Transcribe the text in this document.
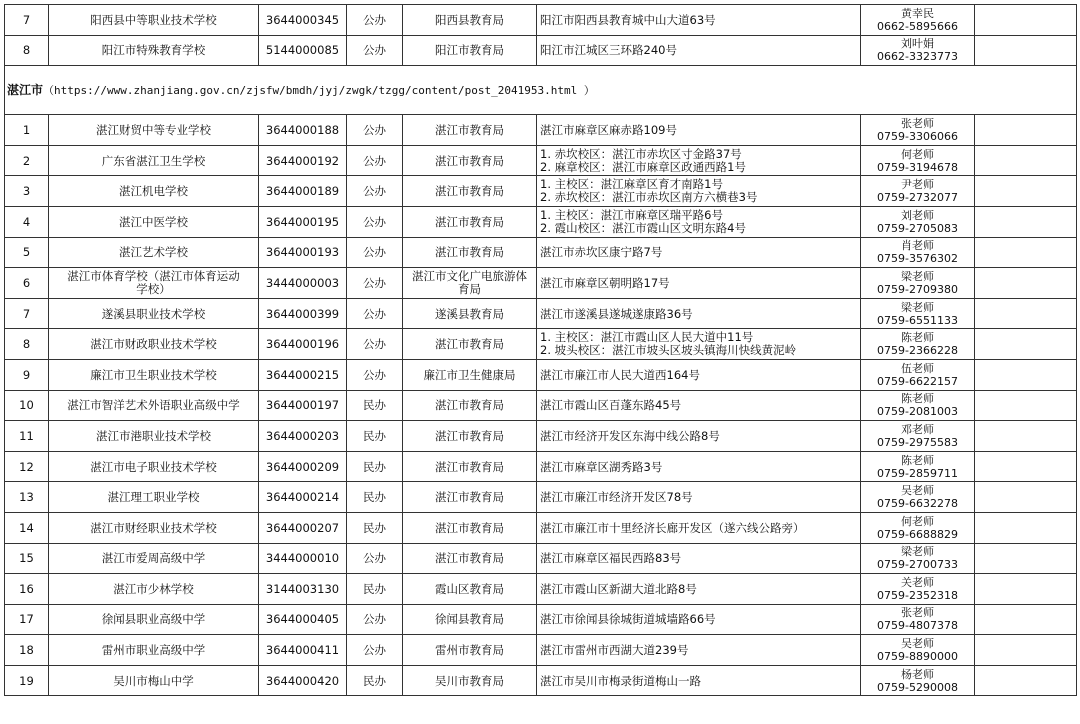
7	阳西县中等职业技术学校	3644000345	公办	阳西县教育局	阳江市阳西县教育城中山大道63号	黄幸民
0662-5895666	

8	阳江市特殊教育学校	5144000085	公办	阳江市教育局	阳江市江城区三环路240号	刘叶娟
0662-3323773	

湛江市（https://www.zhanjiang.gov.cn/zjsfw/bmdh/jyj/zwgk/tzgg/content/post_2041953.html ）							
1	湛江财贸中等专业学校	3644000188	公办	湛江市教育局	湛江市麻章区麻赤路109号	张老师
0759-3306066	

2	广东省湛江卫生学校	3644000192	公办	湛江市教育局	1. 赤坎校区：湛江市赤坎区寸金路37号
2. 麻章校区：湛江市麻章区政通西路1号	何老师
0759-3194678	

3	湛江机电学校	3644000189	公办	湛江市教育局	1. 主校区：湛江麻章区育才南路1号
2. 赤坎校区：湛江市赤坎区南方六横巷3号	尹老师
0759-2732077	

4	湛江中医学校	3644000195	公办	湛江市教育局	1. 主校区：湛江市麻章区瑞平路6号
2. 霞山校区：湛江市霞山区文明东路4号	刘老师
0759-2705083	

5	湛江艺术学校	3644000193	公办	湛江市教育局	湛江市赤坎区康宁路7号	肖老师
0759-3576302	

6	湛江市体育学校（湛江市体育运动
学校）	3444000003	公办	湛江市文化广电旅游体
育局	湛江市麻章区朝明路17号	梁老师
0759-2709380	

7	遂溪县职业技术学校	3644000399	公办	遂溪县教育局	湛江市遂溪县遂城遂康路36号	梁老师
0759-6551133	

8	湛江市财政职业技术学校	3644000196	公办	湛江市教育局	1. 主校区：湛江市霞山区人民大道中11号
2. 坡头校区：湛江市坡头区坡头镇海川快线黄泥岭	陈老师
0759-2366228	

9	廉江市卫生职业技术学校	3644000215	公办	廉江市卫生健康局	湛江市廉江市人民大道西164号	伍老师
0759-6622157	

10	湛江市智洋艺术外语职业高级中学	3644000197	民办	湛江市教育局	湛江市霞山区百蓬东路45号	陈老师
0759-2081003	

11	湛江市港职业技术学校	3644000203	民办	湛江市教育局	湛江市经济开发区东海中线公路8号	邓老师
0759-2975583	

12	湛江市电子职业技术学校	3644000209	民办	湛江市教育局	湛江市麻章区湖秀路3号	陈老师
0759-2859711	

13	湛江理工职业学校	3644000214	民办	湛江市教育局	湛江市廉江市经济开发区78号	吴老师
0759-6632278	

14	湛江市财经职业技术学校	3644000207	民办	湛江市教育局	湛江市廉江市十里经济长廊开发区（遂六线公路旁）	何老师
0759-6688829	

15	湛江市爱周高级中学	3444000010	公办	湛江市教育局	湛江市麻章区福民西路83号	梁老师
0759-2700733	

16	湛江市少林学校	3144003130	民办	霞山区教育局	湛江市霞山区新湖大道北路8号	关老师
0759-2352318	

17	徐闻县职业高级中学	3644000405	公办	徐闻县教育局	湛江市徐闻县徐城街道城墙路66号	张老师
0759-4807378	

18	雷州市职业高级中学	3644000411	公办	雷州市教育局	湛江市雷州市西湖大道239号	吴老师
0759-8890000	

19	吴川市梅山中学	3644000420	民办	吴川市教育局	湛江市吴川市梅录街道梅山一路	杨老师
0759-5290008	
